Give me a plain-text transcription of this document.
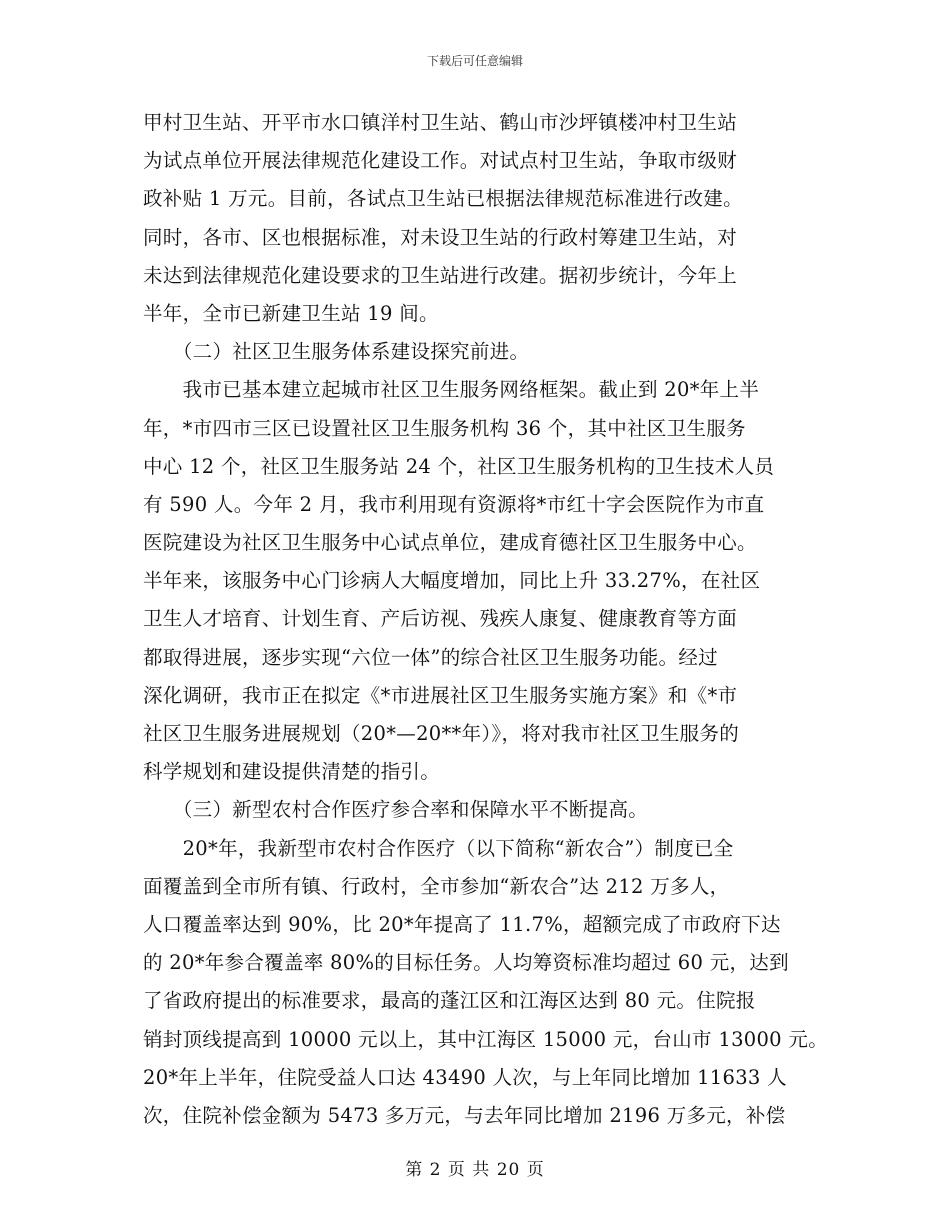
下载后可任意编辑
甲村卫生站、开平市水口镇洋村卫生站、鹤山市沙坪镇楼冲村卫生站
为试点单位开展法律规范化建设工作。对试点村卫生站，争取市级财
政补贴 1 万元。目前，各试点卫生站已根据法律规范标准进行改建。
同时，各市、区也根据标准，对未设卫生站的行政村筹建卫生站，对
未达到法律规范化建设要求的卫生站进行改建。据初步统计，今年上
半年，全市已新建卫生站 19 间。
　　（二）社区卫生服务体系建设探究前进。
　　我市已基本建立起城市社区卫生服务网络框架。截止到 20*年上半
年，*市四市三区已设置社区卫生服务机构 36 个，其中社区卫生服务
中心 12 个，社区卫生服务站 24 个，社区卫生服务机构的卫生技术人员
有 590 人。今年 2 月，我市利用现有资源将*市红十字会医院作为市直
医院建设为社区卫生服务中心试点单位，建成育德社区卫生服务中心。
半年来，该服务中心门诊病人大幅度增加，同比上升 33.27%，在社区
卫生人才培育、计划生育、产后访视、残疾人康复、健康教育等方面
都取得进展，逐步实现“六位一体”的综合社区卫生服务功能。经过
深化调研，我市正在拟定《*市进展社区卫生服务实施方案》和《*市
社区卫生服务进展规划（20*—20**年）》，将对我市社区卫生服务的
科学规划和建设提供清楚的指引。
　　（三）新型农村合作医疗参合率和保障水平不断提高。
　　20*年，我新型市农村合作医疗（以下简称“新农合”）制度已全
面覆盖到全市所有镇、行政村，全市参加“新农合”达 212 万多人，
人口覆盖率达到 90%，比 20*年提高了 11.7%，超额完成了市政府下达
的 20*年参合覆盖率 80%的目标任务。人均筹资标准均超过 60 元，达到
了省政府提出的标准要求，最高的蓬江区和江海区达到 80 元。住院报
销封顶线提高到 10000 元以上，其中江海区 15000 元，台山市 13000 元。
20*年上半年，住院受益人口达 43490 人次，与上年同比增加 11633 人
次，住院补偿金额为 5473 多万元，与去年同比增加 2196 万多元，补偿
第 2 页 共 20 页
